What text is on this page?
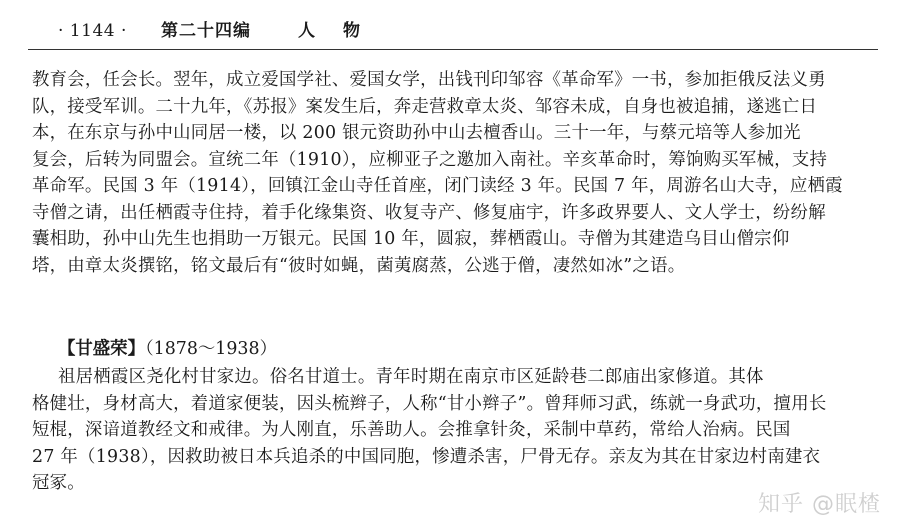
· 1144 · 第二十四编	人 物
教育会，任会长。翌年，成立爱国学社、爱国女学，出钱刊印邹容《革命军》一书，参加拒俄反法义勇
队，接受军训。二十九年，《苏报》案发生后，奔走营救章太炎、邹容未成，自身也被追捕，遂逃亡日
本，在东京与孙中山同居一楼，以 200 银元资助孙中山去檀香山。三十一年，与蔡元培等人参加光
复会，后转为同盟会。宣统二年（1910），应柳亚子之邀加入南社。辛亥革命时，筹饷购买军械，支持
革命军。民国 3 年（1914），回镇江金山寺任首座，闭门读经 3 年。民国 7 年，周游名山大寺，应栖霞
寺僧之请，出任栖霞寺住持，着手化缘集资、收复寺产、修复庙宇，许多政界要人、文人学士，纷纷解
囊相助，孙中山先生也捐助一万银元。民国 10 年，圆寂，葬栖霞山。寺僧为其建造乌目山僧宗仰
塔，由章太炎撰铭，铭文最后有“彼时如蝇，菌荑腐蒸，公逃于僧，凄然如冰”之语。
【甘盛荣】（1878～1938）
祖居栖霞区尧化村甘家边。俗名甘道士。青年时期在南京市区延龄巷二郎庙出家修道。其体
格健壮，身材高大，着道家便装，因头梳辫子，人称“甘小辫子”。曾拜师习武，练就一身武功，擅用长
短棍，深谙道教经文和戒律。为人刚直，乐善助人。会推拿针灸，采制中草药，常给人治病。民国
27 年（1938），因救助被日本兵追杀的中国同胞，惨遭杀害，尸骨无存。亲友为其在甘家边村南建衣
冠冢。
知乎 @眠楂
